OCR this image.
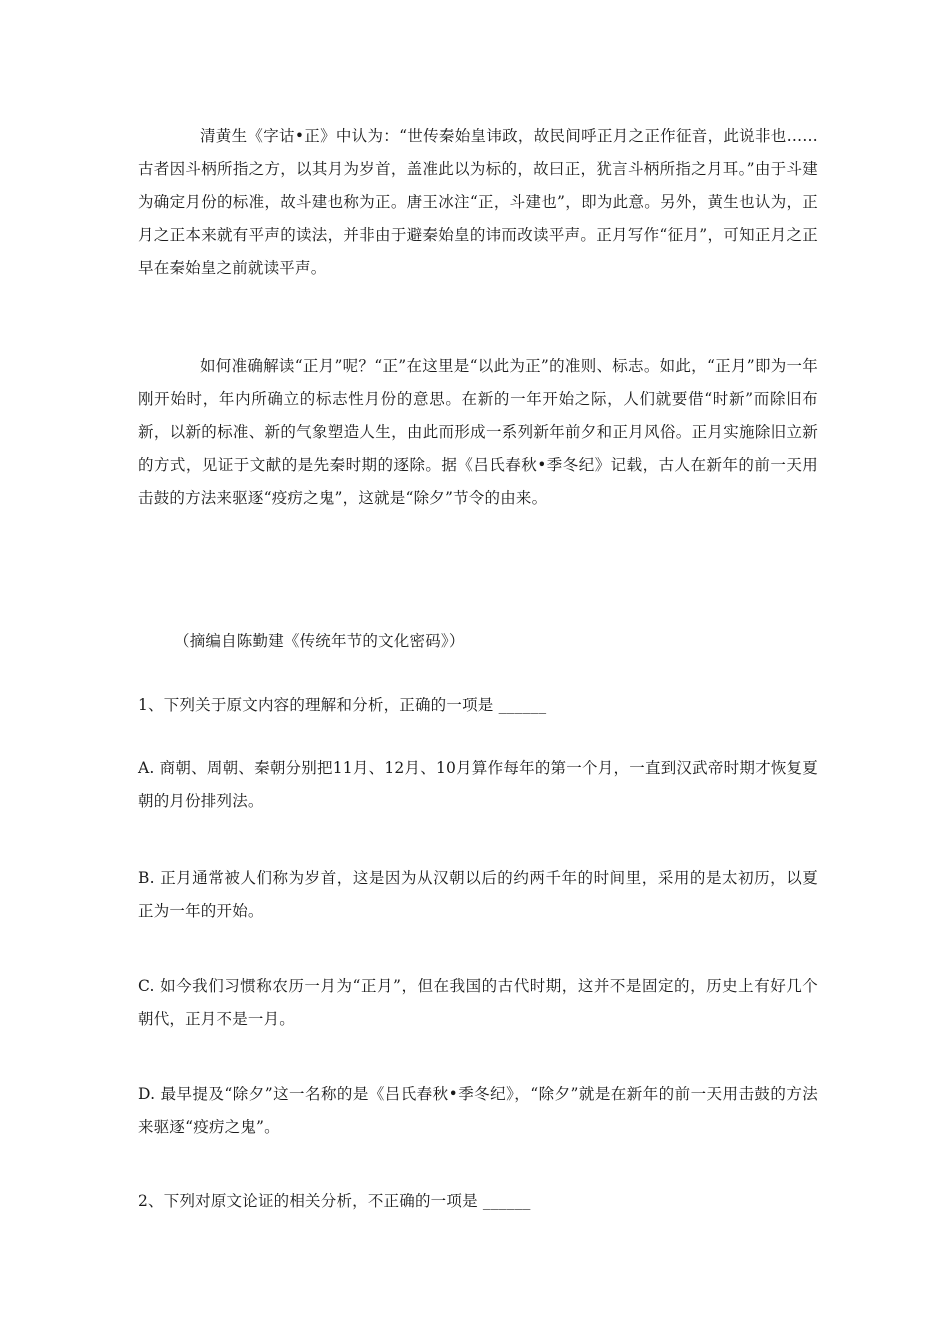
清黄生《字诂•正》中认为：“世传秦始皇讳政，故民间呼正月之正作征音，此说非也……古者因斗柄所指之方，以其月为岁首，盖准此以为标的，故曰正，犹言斗柄所指之月耳。”由于斗建为确定月份的标准，故斗建也称为正。唐王冰注“正，斗建也”，即为此意。另外，黄生也认为，正月之正本来就有平声的读法，并非由于避秦始皇的讳而改读平声。正月写作“征月”，可知正月之正早在秦始皇之前就读平声。

如何准确解读“正月”呢？“正”在这里是“以此为正”的准则、标志。如此，“正月”即为一年刚开始时，年内所确立的标志性月份的意思。在新的一年开始之际，人们就要借“时新”而除旧布新，以新的标准、新的气象塑造人生，由此而形成一系列新年前夕和正月风俗。正月实施除旧立新的方式，见证于文献的是先秦时期的逐除。据《吕氏春秋•季冬纪》记载，古人在新年的前一天用击鼓的方法来驱逐“疫疠之鬼”，这就是“除夕”节令的由来。

（摘编自陈勤建《传统年节的文化密码》）

1、下列关于原文内容的理解和分析，正确的一项是 ______

A. 商朝、周朝、秦朝分别把11月、12月、10月算作每年的第一个月，一直到汉武帝时期才恢复夏朝的月份排列法。

B. 正月通常被人们称为岁首，这是因为从汉朝以后的约两千年的时间里，采用的是太初历，以夏正为一年的开始。

C. 如今我们习惯称农历一月为“正月”，但在我国的古代时期，这并不是固定的，历史上有好几个朝代，正月不是一月。

D. 最早提及“除夕”这一名称的是《吕氏春秋•季冬纪》，“除夕”就是在新年的前一天用击鼓的方法来驱逐“疫疠之鬼”。

2、下列对原文论证的相关分析，不正确的一项是 ______
